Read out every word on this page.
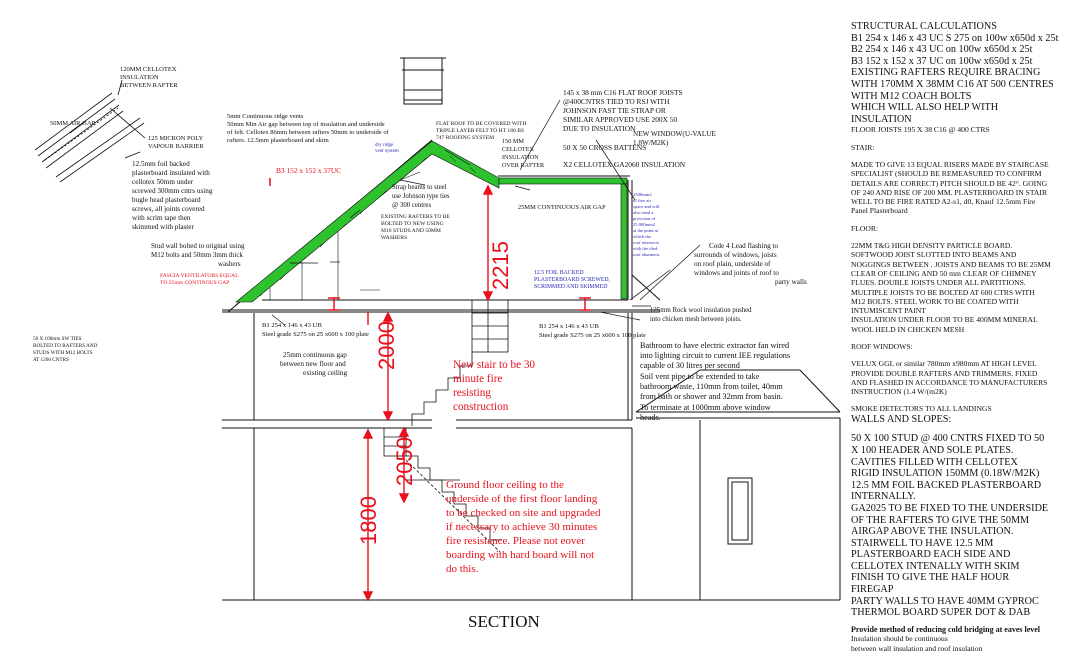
120MM CELLOTEX INSULATION BETWEEN RAFTER
50MM AIR GAP
125 MICRON POLY VAPOUR BARRIER
12.5mm foil backed plasterboard insulated with cellotex 50mm under screwed 300mm cntrs using bugle head plasterboard screws, all joints covered with scrim tape then skimmed with plaster
2215
2000
2050
1800
5mm Continuous ridge vents 50mm Min Air gap between top of insulation and underside of felt. Cellotex 86mm between rafters 50mm to underside of rafters. 12.5mm plasterboard and skim
dry ridge vent system
FLAT ROOF TO BE COVERED WITH TRIPLE LAYER FELT TO HT 180 BS 747 ROOFING SYSTEM	150 MM CELLOTEX INSULATION OVER RAFTER
B3 152 x 152 x 37UC
Strap beams to steel use Johnson type ties @ 300 centres
EXISTING RAFTERS TO BE BOLTED TO NEW USING M16 STUDS AND 50MM WASHERS
145 x 38 mm C16 FLAT ROOF JOISTS @400CNTRS TIED TO RSJ WITH JOHNSON FAST TIE STRAP OR SIMILAR APPROVED USE 200X 50 DUE TO INSULATION
50 X 50 CROSS BATTENS
X2 CELLOTEX GA2060 INSULATION
NEW WINDOW(U-VALUE 1.8W/M2K)
2500mm2 of free air space and will also need a provision of 25 000mm2 at the point at which the roof intersects with the tiled roof abutment.
25MM CONTINUOUS AIR GAP
12.5 FOIL BACKED PLASTERBOARD SCREWED, SCRIMMED AND SKIMMED
Code 4 Lead flashing to surrounds of windows, joists on roof plain, underside of windows and joints of roof to party walls
125mm Rock wool insulation pushed into chicken mesh between joists.
Stud wall bolted to original using M12 bolts and 50mm 3mm thick washers
FASCIA VENTILATORS EQUAL TO 25mm CONTINOUS GAP
50 X 100mm SW TIES BOLTED TO RAFTERS AND STUDS WITH M12 BOLTS AT 1200 CNTRS
B1 254 x 146 x 43 UB Steel grade S275 on 25 x600 x 100 plate
B1 254 x 146 x 43 UB Steel grade S275 on 25 x600 x 100 plate
25mm continuous gap between new floor and existing ceiling
New stair to be 30 minute fire resisting construction
Bathroom to have electric extractor fan wired into lighting circuit to current IEE regulations capable of 30 litres per second Soil vent pipe to be extended to take bathroom waste, 110mm from toilet, 40mm from bath or shower and 32mm from basin. To terminate at 1000mm above window heads.
Ground floor ceiling to the underside of the first floor landing to be checked on site and upgraded if necessary to achieve 30 minutes fire resistance. Please not eover boarding with hard board will not do this.
SECTION
STRUCTURAL CALCULATIONS
B1 254 x 146 x 43 UC S 275 on 100w x650d x 25t
B2 254 x 146 x 43 UC on 100w x650d x 25t
B3 152 x 152 x 37 UC on 100w x650d x 25t
EXISTING RAFTERS REQUIRE BRACING
WITH 170MM X 38MM C16 AT 500 CENTRES
WITH M12 COACH BOLTS
WHICH WILL ALSO HELP WITH
INSULATION
FLOOR JOISTS 195 X 38 C16 @ 400 CTRS
STAIR:
MADE TO GIVE 13 EQUAL RISERS MADE BY STAIRCASE
SPECIALIST (SHOULD BE REMEASURED TO CONFIRM
DETAILS ARE CORRECT) PITCH SHOULD BE 42°. GOING
OF 240 AND RISE OF 200 MM. PLASTERBOARD IN STAIR
WELL TO BE FIRE RATED A2-s1, d0, Knauf 12.5mm Fire
Panel Plasterboard
FLOOR:
22MM T&G HIGH DENSITY PARTICLE BOARD.
SOFTWOOD JOIST SLOTTED INTO BEAMS AND
NOGGINGS BETWEEN . JOISTS AND BEAMS TO BE 25MM
CLEAR OF CEILING AND 50 mm CLEAR OF CHIMNEY
FLUES. DOUBLE JOISTS UNDER ALL PARTITIONS.
MULTIPLE JOISTS TO BE BOLTED AT 600 CTRS WITH
M12 BOLTS. STEEL WORK TO BE COATED WITH
INTUMISCENT PAINT
INSULATION UNDER FLOOR TO BE 400MM MINERAL
WOOL HELD IN CHICKEN MESH
ROOF WINDOWS:
VELUX GGL or similar 780mm x980mm AT HIGH LEVEL
PROVIDE DOUBLE RAFTERS AND TRIMMERS. FIXED
AND FLASHED IN ACCORDANCE TO MANUFACTURERS
INSTRUCTION (1.4 W/(m2K)
SMOKE DETECTORS TO ALL LANDINGS
WALLS AND SLOPES:
50 X 100 STUD @ 400 CNTRS FIXED TO 50
X 100 HEADER AND SOLE PLATES.
CAVITIES FILLED WITH CELLOTEX
RIGID INSULATION 150MM (0.18W/M2K)
12.5 MM FOIL BACKED PLASTERBOARD
INTERNALLY.
GA2025 TO BE FIXED TO THE UNDERSIDE
OF THE RAFTERS TO GIVE THE 50MM
AIRGAP ABOVE THE INSULATION.
STAIRWELL TO HAVE 12.5 MM
PLASTERBOARD EACH SIDE AND
CELLOTEX INTENALLY WITH SKIM
FINISH TO GIVE THE HALF HOUR
FIREGAP
PARTY WALLS TO HAVE 40MM GYPROC
THERMOL BOARD SUPER DOT & DAB
Provide method of reducing cold bridging at eaves level
Insulation should be continuous
between wall insulation and roof insulation
